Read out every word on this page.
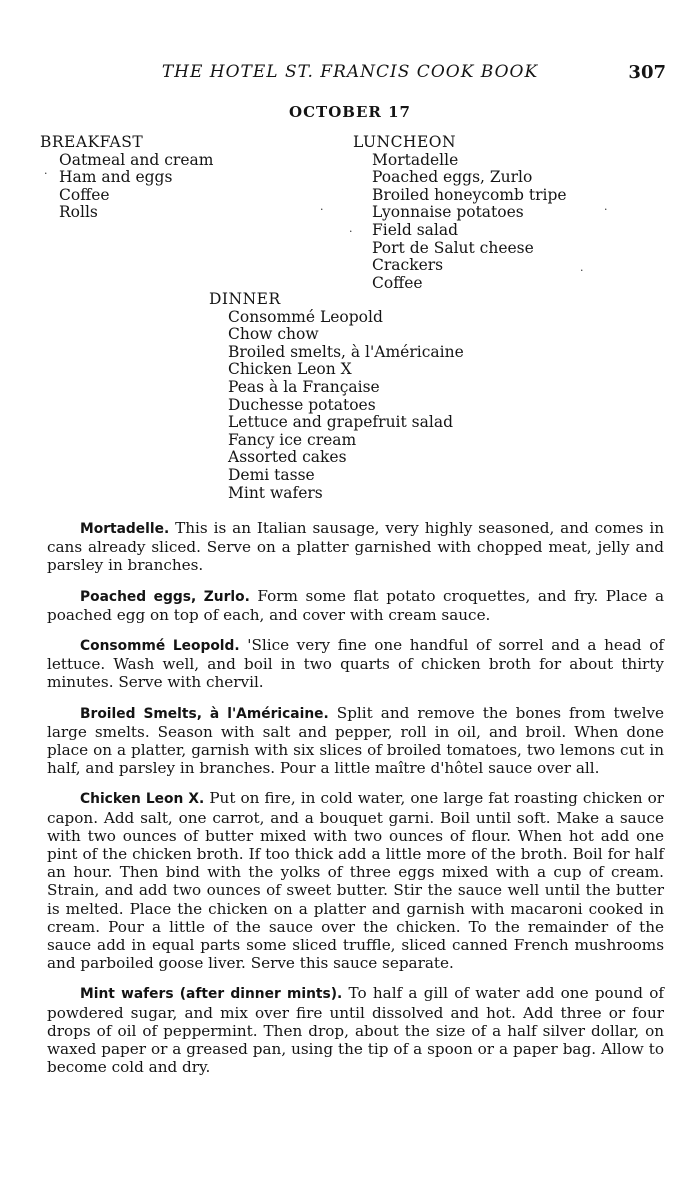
THE HOTEL ST. FRANCIS COOK BOOK	307
OCTOBER 17
BREAKFAST
Oatmeal and cream
Ham and eggs
Coffee
Rolls
LUNCHEON
Mortadelle
Poached eggs, Zurlo
Broiled honeycomb tripe
Lyonnaise potatoes
Field salad
Port de Salut cheese
Crackers
Coffee
DINNER
Consommé Leopold
Chow chow
Broiled smelts, à l'Américaine
Chicken Leon X
Peas à la Française
Duchesse potatoes
Lettuce and grapefruit salad
Fancy ice cream
Assorted cakes
Demi tasse
Mint wafers
·
·
·
·
·

Mortadelle. This is an Italian sausage, very highly seasoned, and comes in cans already sliced. Serve on a platter garnished with chopped meat, jelly and parsley in branches.

Poached eggs, Zurlo. Form some flat potato croquettes, and fry. Place a poached egg on top of each, and cover with cream sauce.

Consommé Leopold. 'Slice very fine one handful of sorrel and a head of lettuce. Wash well, and boil in two quarts of chicken broth for about thirty minutes. Serve with chervil.

Broiled Smelts, à l'Américaine. Split and remove the bones from twelve large smelts. Season with salt and pepper, roll in oil, and broil. When done place on a platter, garnish with six slices of broiled tomatoes, two lemons cut in half, and parsley in branches. Pour a little maître d'hôtel sauce over all.

Chicken Leon X. Put on fire, in cold water, one large fat roasting chicken or capon. Add salt, one carrot, and a bouquet garni. Boil until soft. Make a sauce with two ounces of butter mixed with two ounces of flour. When hot add one pint of the chicken broth. If too thick add a little more of the broth. Boil for half an hour. Then bind with the yolks of three eggs mixed with a cup of cream. Strain, and add two ounces of sweet butter. Stir the sauce well until the butter is melted. Place the chicken on a platter and garnish with macaroni cooked in cream. Pour a little of the sauce over the chicken. To the remainder of the sauce add in equal parts some sliced truffle, sliced canned French mushrooms and parboiled goose liver. Serve this sauce separate.

Mint wafers (after dinner mints). To half a gill of water add one pound of powdered sugar, and mix over fire until dissolved and hot. Add three or four drops of oil of peppermint. Then drop, about the size of a half silver dollar, on waxed paper or a greased pan, using the tip of a spoon or a paper bag. Allow to become cold and dry.
